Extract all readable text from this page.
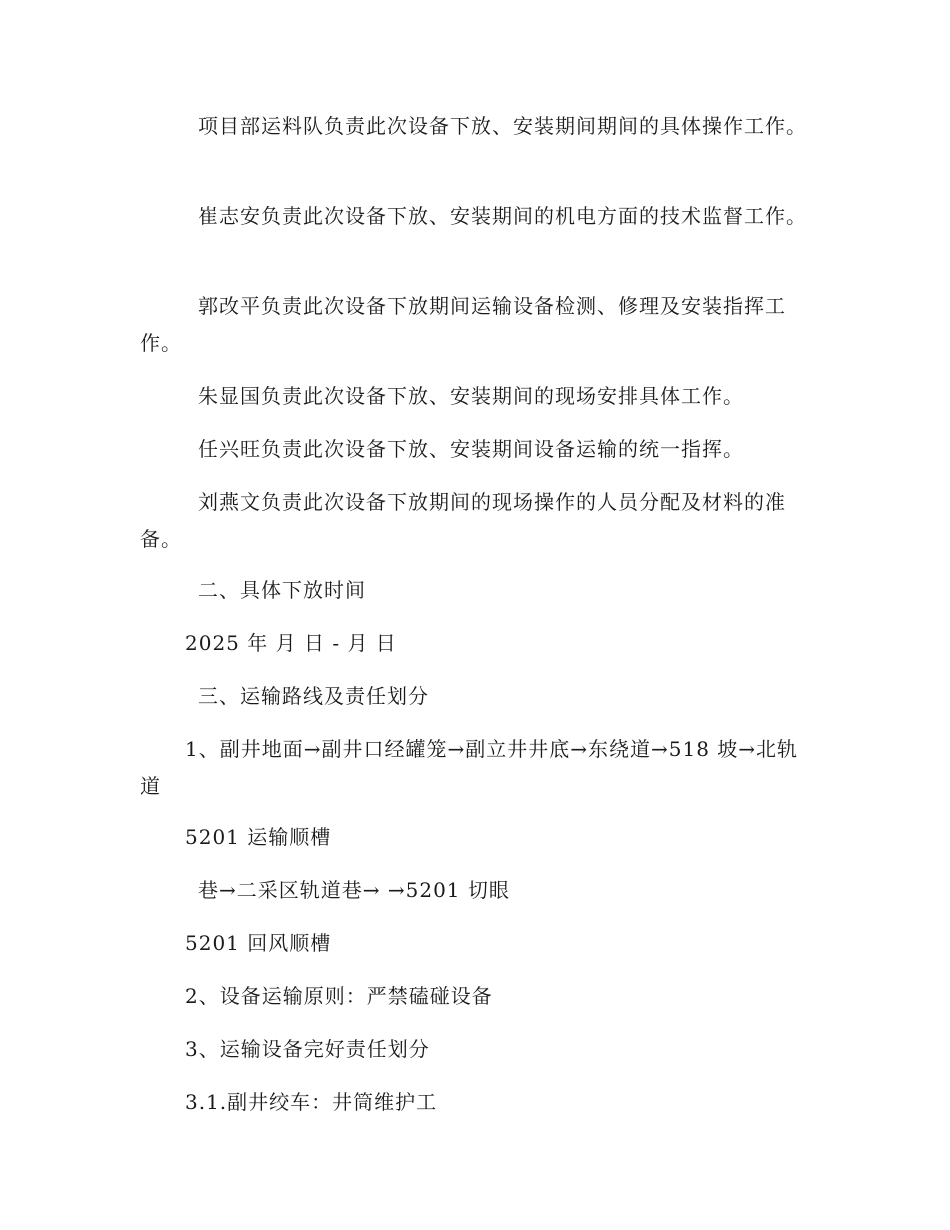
项目部运料队负责此次设备下放、安装期间期间的具体操作工作。

崔志安负责此次设备下放、安装期间的机电方面的技术监督工作。

郭改平负责此次设备下放期间运输设备检测、修理及安装指挥工作。

朱显国负责此次设备下放、安装期间的现场安排具体工作。

任兴旺负责此次设备下放、安装期间设备运输的统一指挥。

刘燕文负责此次设备下放期间的现场操作的人员分配及材料的准备。

二、具体下放时间

2025 年 月 日 - 月 日

三、运输路线及责任划分

1、副井地面→副井口经罐笼→副立井井底→东绕道→518 坡→北轨道

5201 运输顺槽

巷→二采区轨道巷→ →5201 切眼

5201 回风顺槽

2、设备运输原则：严禁磕碰设备

3、运输设备完好责任划分

3.1.副井绞车：井筒维护工
